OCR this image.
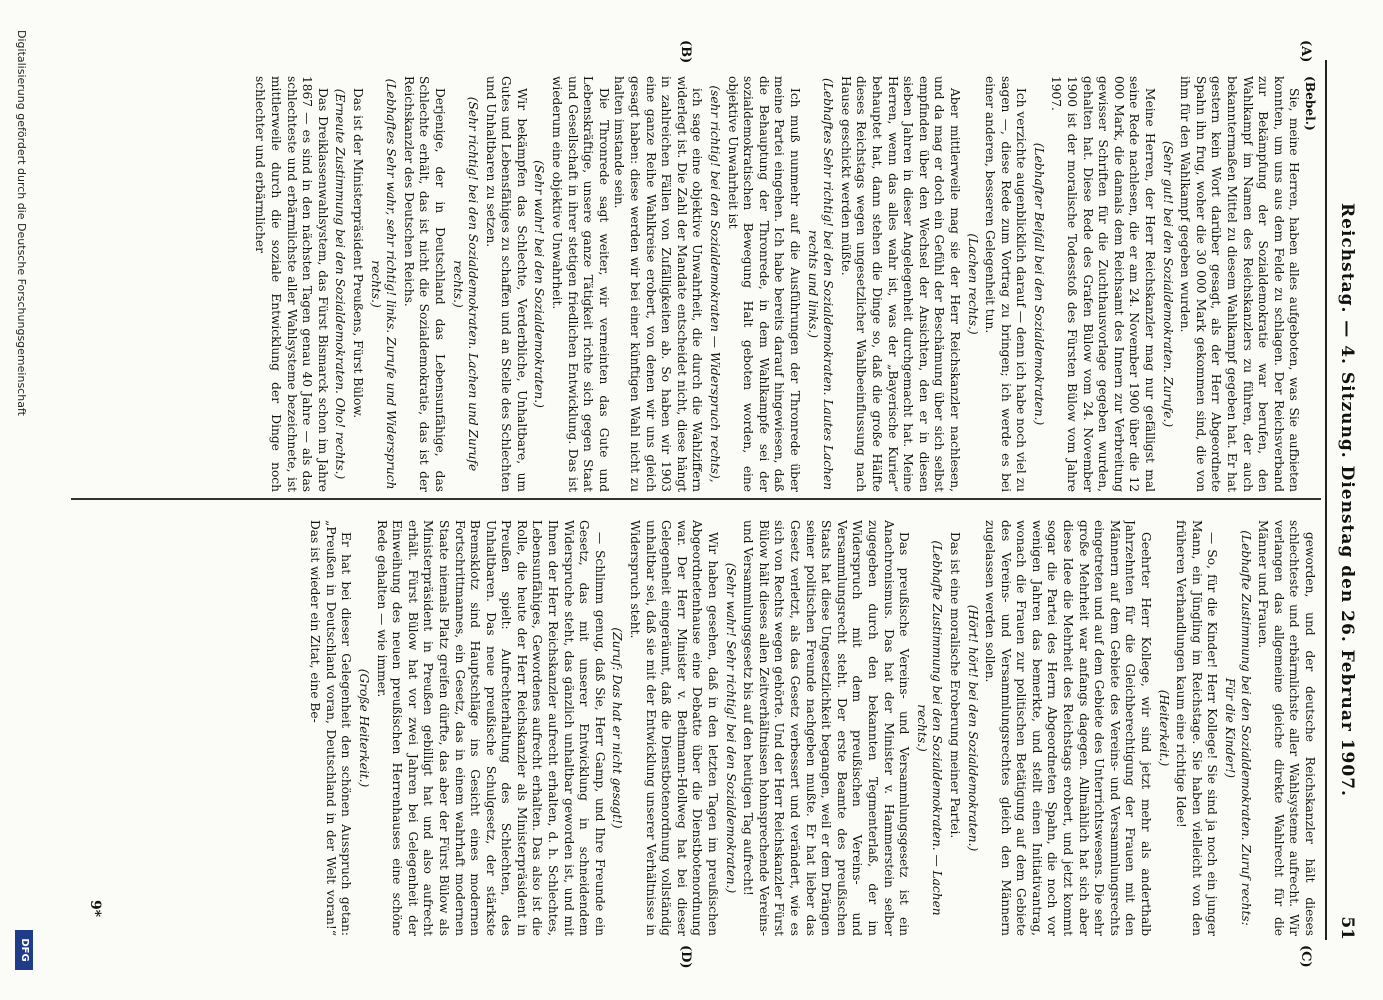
Reichstag. — 4. Sitzung. Dienstag den 26. Februar 1907.
51
(A)
(B)
(C)
(D)

(Bebel.)

Sie, meine Herren, haben alles aufgeboten, was Sie aufbieten konnten, um uns aus dem Felde zu schlagen. Der Reichsverband zur Bekämpfung der Sozialdemokratie war berufen, den Wahlkampf im Namen des Reichskanzlers zu führen, der auch bekanntermaßen Mittel zu diesem Wahlkampf gegeben hat. Er hat gestern kein Wort darüber gesagt, als der Herr Abgeordnete Spahn ihn frug, woher die 30 000 Mark gekommen sind, die von ihm für den Wahlkampf gegeben wurden.

(Sehr gut! bei den Sozialdemokraten. Zurufe.)

Meine Herren, der Herr Reichskanzler mag nur gefälligst mal seine Rede nachlesen, die er am 24. November 1900 über die 12 000 Mark, die damals dem Reichsamt des Innern zur Verbreitung gewisser Schriften für die Zuchthausvorlage gegeben wurden, gehalten hat. Diese Rede des Grafen Bülow vom 24. November 1900 ist der moralische Todesstoß des Fürsten Bülow vom Jahre 1907.

(Lebhafter Beifall bei den Sozialdemokraten.)

Ich verzichte augenblicklich darauf — denn ich habe noch viel zu sagen —, diese Rede zum Vortrag zu bringen; ich werde es bei einer anderen, besseren Gelegenheit tun.

(Lachen rechts.)

Aber mittlerweile mag sie der Herr Reichskanzler nachlesen, und da mag er doch ein Gefühl der Beschämung über sich selbst empfinden über den Wechsel der Ansichten, den er in diesen sieben Jahren in dieser Angelegenheit durchgemacht hat. Meine Herren, wenn das alles wahr ist, was der „Bayerische Kurier“ behauptet hat, dann stehen die Dinge so, daß die große Hälfte dieses Reichstags wegen ungesetzlicher Wahlbeeinflussung nach Hause geschickt werden müßte.

(Lebhaftes Sehr richtig! bei den Sozialdemokraten. Lautes Lachen rechts und links.)

Ich muß nunmehr auf die Ausführungen der Thronrede über meine Partei eingehen. Ich habe bereits darauf hingewiesen, daß die Behauptung der Thronrede, in dem Wahlkampfe sei der sozialdemokratischen Bewegung Halt geboten worden, eine objektive Unwahrheit ist

(sehr richtig! bei den Sozialdemokraten — Widerspruch rechts),

ich sage eine objektive Unwahrheit, die durch die Wahlziffern widerlegt ist. Die Zahl der Mandate entscheidet nicht, diese hängt in zahlreichen Fällen von Zufälligkeiten ab. So haben wir 1903 eine ganze Reihe Wahlkreise erobert, von denen wir uns gleich gesagt haben: diese werden wir bei einer künftigen Wahl nicht zu halten imstande sein.

Die Thronrede sagt weiter, wir verneinten das Gute und Lebenskräftige, unsere ganze Tätigkeit richte sich gegen Staat und Gesellschaft in ihrer stetigen friedlichen Entwicklung. Das ist wiederum eine objektive Unwahrheit.

(Sehr wahr! bei den Sozialdemokraten.)

Wir bekämpfen das Schlechte, Verderbliche, Unhaltbare, um Gutes und Lebensfähiges zu schaffen und an Stelle des Schlechten und Unhaltbaren zu setzen.

(Sehr richtig! bei den Sozialdemokraten. Lachen und Zurufe rechts.)

Derjenige, der in Deutschland das Lebensunfähige, das Schlechte erhält, das ist nicht die Sozialdemokratie, das ist der Reichskanzler des Deutschen Reichs.

(Lebhaftes Sehr wahr, sehr richtig! links. Zurufe und Widerspruch rechts.)

Das ist der Ministerpräsident Preußens, Fürst Bülow.

(Erneute Zustimmung bei den Sozialdemokraten. Oho! rechts.)

Das Dreiklassenwahlsystem, das Fürst Bismarck schon im Jahre 1867 — es sind in den nächsten Tagen genau 40 Jahre — als das schlechteste und erbärmlichste aller Wahlsysteme bezeichnete, ist mittlerweile durch die soziale Entwicklung der Dinge noch schlechter und erbärmlicher

geworden, und der deutsche Reichskanzler hält dieses schlechteste und erbärmlichste aller Wahlsysteme aufrecht. Wir verlangen das allgemeine gleiche direkte Wahlrecht für die Männer und Frauen.

(Lebhafte Zustimmung bei den Sozialdemokraten. Zuruf rechts: Für die Kinder!)

— So, für die Kinder! Herr Kollege! Sie sind ja noch ein junger Mann, ein Jüngling im Reichstage. Sie haben vielleicht von den früheren Verhandlungen kaum eine richtige Idee!

(Heiterkeit.)

Geehrter Herr Kollege, wir sind jetzt mehr als anderthalb Jahrzehnten für die Gleichberechtigung der Frauen mit den Männern auf dem Gebiete des Vereins- und Versammlungsrechts eingetreten und auf dem Gebiete des Unterrichtswesens. Die sehr große Mehrheit war anfangs dagegen. Allmählich hat sich aber diese Idee die Mehrheit des Reichstags erobert, und jetzt kommt sogar die Partei des Herrn Abgeordneten Spahn, die noch vor wenigen Jahren das bemerkte, und stellt einen Initiativantrag, wonach die Frauen zur politischen Betätigung auf dem Gebiete des Vereins- und Versammlungsrechtes gleich den Männern zugelassen werden sollen.

(Hört! hört! bei den Sozialdemokraten.)

Das ist eine moralische Eroberung meiner Partei.

(Lebhafte Zustimmung bei den Sozialdemokraten. — Lachen rechts.)

Das preußische Vereins- und Versammlungsgesetz ist ein Anachronismus. Das hat der Minister v. Hammerstein selber zugegeben durch den bekannten Tegmenterlaß, der im Widerspruch mit dem preußischen Vereins- und Versammlungsrecht steht. Der erste Beamte des preußischen Staats hat diese Ungesetzlichkeit begangen, weil er dem Drängen seiner politischen Freunde nachgeben mußte. Er hat lieber das Gesetz verletzt, als das Gesetz verbessert und verändert, wie es sich von Rechts wegen gehörte. Und der Herr Reichskanzler Fürst Bülow hält dieses allen Zeitverhältnissen hohnsprechende Vereins- und Versammlungsgesetz bis auf den heutigen Tag aufrecht!

(Sehr wahr! Sehr richtig! bei den Sozialdemokraten.)

Wir haben gesehen, daß in den letzten Tagen im preußischen Abgeordnetenhause eine Debatte über die Dienstbotenordnung war. Der Herr Minister v. Bethmann-Hollweg hat bei dieser Gelegenheit eingeräumt, daß die Dienstbotenordnung vollständig unhaltbar sei, daß sie mit der Entwicklung unserer Verhältnisse in Widerspruch steht.

(Zuruf: Das hat er nicht gesagt!)

— Schlimm genug, daß Sie, Herr Gamp, und Ihre Freunde ein Gesetz, das mit unserer Entwicklung in schneidendem Widerspruche steht, das gänzlich unhaltbar geworden ist, und mit Ihnen der Herr Reichskanzler aufrecht erhalten, d. h. Schlechtes, Lebensunfähiges, Gewordenes aufrecht erhalten. Das also ist die Rolle, die heute der Herr Reichskanzler als Ministerpräsident in Preußen spielt: Aufrechterhaltung des Schlechten, des Unhaltbaren. Das neue preußische Schulgesetz, der stärkste Bremsklotz sind Hauptschläge ins Gesicht eines modernen Fortschrittmannes, ein Gesetz, das in einem wahrhaft modernen Staate niemals Platz greifen dürfte, das aber der Fürst Bülow als Ministerpräsident in Preußen gebilligt hat und also aufrecht erhält. Fürst Bülow hat vor zwei Jahren bei Gelegenheit der Einweihung des neuen preußischen Herrenhauses eine schöne Rede gehalten — wie immer.

(Große Heiterkeit.)

Er hat bei dieser Gelegenheit den schönen Ausspruch getan: „Preußen in Deutschland voran, Deutschland in der Welt voran!“ Das ist wieder ein Zitat, eine Be-

9*
Digitalisierung gefördert durch die Deutsche Forschungsgemeinschaft
DFG
